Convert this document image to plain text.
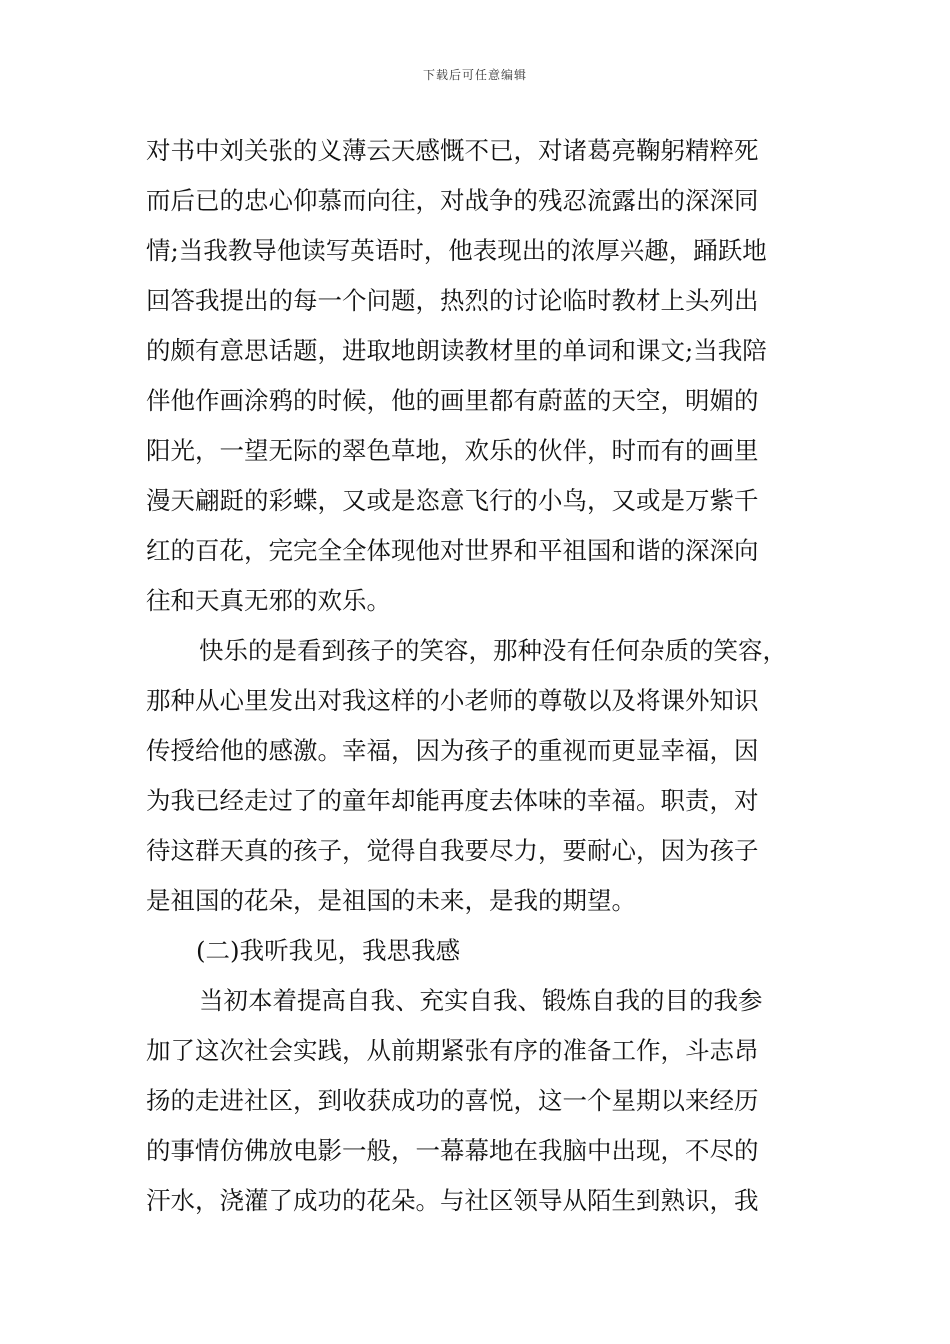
下载后可任意编辑
对书中刘关张的义薄云天感慨不已，对诸葛亮鞠躬精粹死
而后已的忠心仰慕而向往，对战争的残忍流露出的深深同
情;当我教导他读写英语时，他表现出的浓厚兴趣，踊跃地
回答我提出的每一个问题，热烈的讨论临时教材上头列出
的颇有意思话题，进取地朗读教材里的单词和课文;当我陪
伴他作画涂鸦的时候，他的画里都有蔚蓝的天空，明媚的
阳光，一望无际的翠色草地，欢乐的伙伴，时而有的画里
漫天翩跹的彩蝶，又或是恣意飞行的小鸟，又或是万紫千
红的百花，完完全全体现他对世界和平祖国和谐的深深向
往和天真无邪的欢乐。
快乐的是看到孩子的笑容，那种没有任何杂质的笑容，
那种从心里发出对我这样的小老师的尊敬以及将课外知识
传授给他的感激。幸福，因为孩子的重视而更显幸福，因
为我已经走过了的童年却能再度去体味的幸福。职责，对
待这群天真的孩子，觉得自我要尽力，要耐心，因为孩子
是祖国的花朵，是祖国的未来，是我的期望。
(二)我听我见，我思我感
当初本着提高自我、充实自我、锻炼自我的目的我参
加了这次社会实践，从前期紧张有序的准备工作，斗志昂
扬的走进社区，到收获成功的喜悦，这一个星期以来经历
的事情仿佛放电影一般，一幕幕地在我脑中出现，不尽的
汗水，浇灌了成功的花朵。与社区领导从陌生到熟识，我
